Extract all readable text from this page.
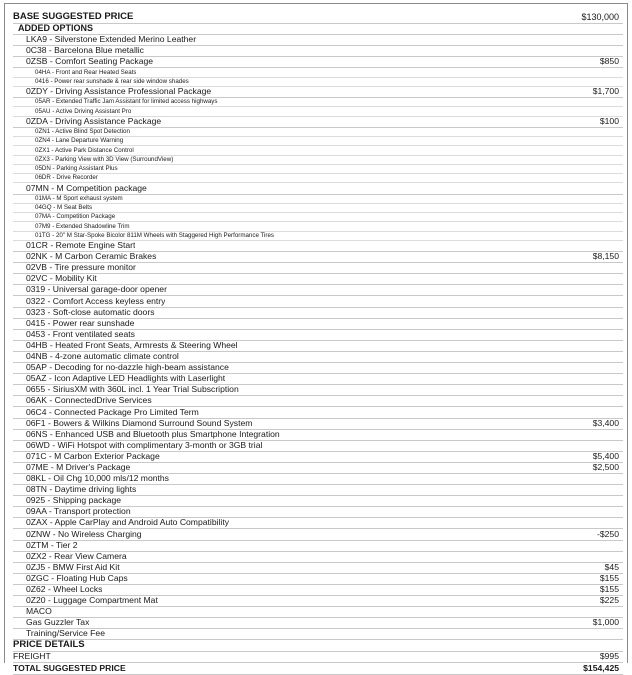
BASE SUGGESTED PRICE	$130,000
ADDED OPTIONS
LKA9 - Silverstone Extended Merino Leather
0C38 - Barcelona Blue metallic
0ZSB - Comfort Seating Package	$850
04HA - Front and Rear Heated Seats
0416 - Power rear sunshade & rear side window shades
0ZDY - Driving Assistance Professional Package	$1,700
05AR - Extended Traffic Jam Assistant for limited access highways
05AU - Active Driving Assistant Pro
0ZDA - Driving Assistance Package	$100
0ZN1 - Active Blind Spot Detection
0ZN4 - Lane Departure Warning
0ZX1 - Active Park Distance Control
0ZX3 - Parking View with 3D View (SurroundView)
05DN - Parking Assistant Plus
06DR - Drive Recorder
07MN - M Competition package
01MA - M Sport exhaust system
04GQ - M Seat Belts
07MA - Competition Package
07M9 - Extended Shadowline Trim
01TG - 20" M Star-Spoke Bicolor 811M Wheels with Staggered High Performance Tires
01CR - Remote Engine Start
02NK - M Carbon Ceramic Brakes	$8,150
02VB - Tire pressure monitor
02VC - Mobility Kit
0319 - Universal garage-door opener
0322 - Comfort Access keyless entry
0323 - Soft-close automatic doors
0415 - Power rear sunshade
0453 - Front ventilated seats
04HB - Heated Front Seats, Armrests & Steering Wheel
04NB - 4-zone automatic climate control
05AP - Decoding for no-dazzle high-beam assistance
05AZ - Icon Adaptive LED Headlights with Laserlight
0655 - SiriusXM with 360L incl. 1 Year Trial Subscription
06AK - ConnectedDrive Services
06C4 - Connected Package Pro Limited Term
06F1 - Bowers & Wilkins Diamond Surround Sound System	$3,400
06NS - Enhanced USB and Bluetooth plus Smartphone Integration
06WD - WiFi Hotspot with complimentary 3-month or 3GB trial
071C - M Carbon Exterior Package	$5,400
07ME - M Driver's Package	$2,500
08KL - Oil Chg 10,000 mls/12 months
08TN - Daytime driving lights
0925 - Shipping package
09AA - Transport protection
0ZAX - Apple CarPlay and Android Auto Compatibility
0ZNW - No Wireless Charging	-$250
0ZTM - Tier 2
0ZX2 - Rear View Camera
0ZJ5 - BMW First Aid Kit	$45
0ZGC - Floating Hub Caps	$155
0Z62 - Wheel Locks	$155
0Z20 - Luggage Compartment Mat	$225
MACO
Gas Guzzler Tax	$1,000
Training/Service Fee
PRICE DETAILS
FREIGHT	$995
TOTAL SUGGESTED PRICE	$154,425
